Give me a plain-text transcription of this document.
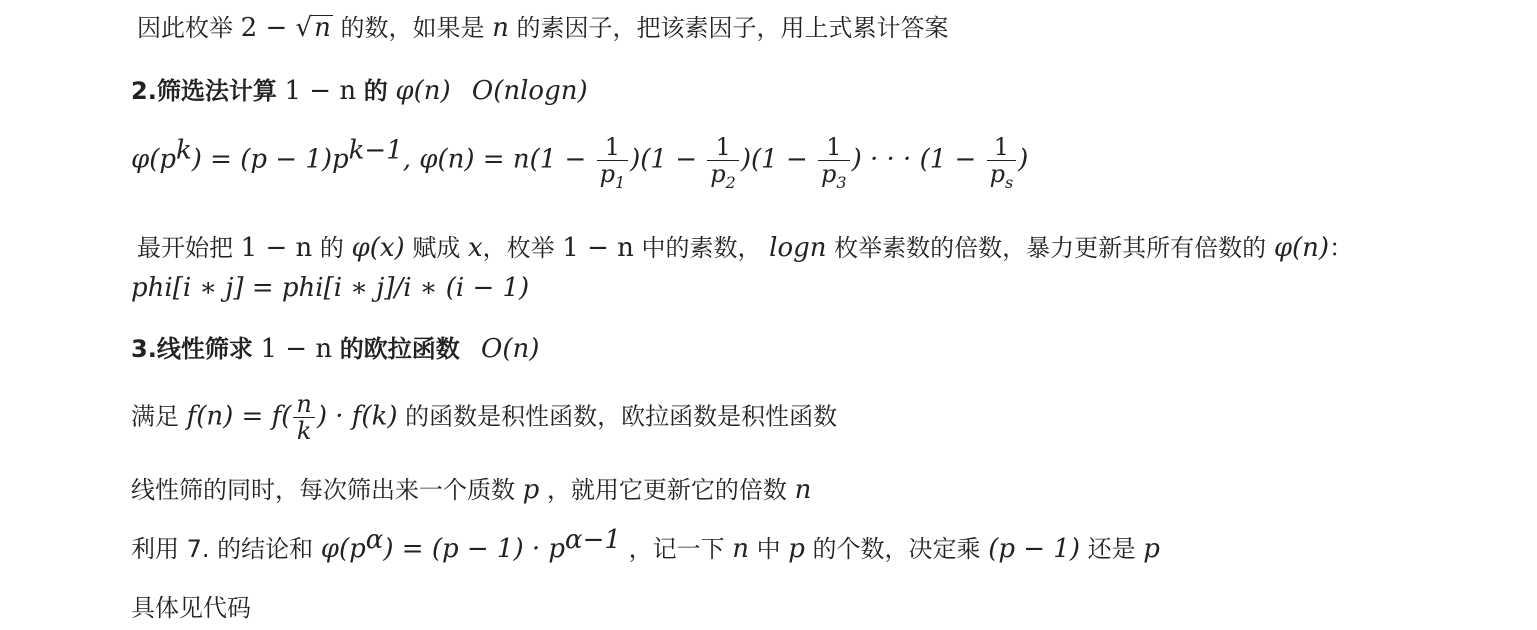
因此枚举 2 − √n 的数，如果是 n 的素因子，把该素因子，用上式累计答案
2.筛选法计算 1 − n 的 φ(n) O(nlogn)
$\varphi(p^k) = (p - 1)p^{k-1}$, $\varphi(n) = n(1 - \frac{1}{p_1} )(1 - \frac{1}{p_2} )(1 - \frac{1}{p_3}$ ) · · · ($1 - \frac{1}{p_s}$ )
最开始把 1 − n 的 φ(x) 赋成 x，枚举 1 − n 中的素数， logn 枚举素数的倍数，暴力更新其所有倍数的 φ(n)：
phi[i ∗ j] = phi[i ∗ j]/i ∗ (i − 1)
3.线性筛求 1 − n 的欧拉函数 O(n)
满足 $f(n) = f( \frac{n}{k}$ ) · f(k) 的函数是积性函数，欧拉函数是积性函数
线性筛的同时，每次筛出来一个质数 p ，就用它更新它的倍数 n
利用 7. 的结论和 $\varphi(p^\alpha) = (p - 1) \cdot p^{\alpha-1}$ ，记一下 n 中 p 的个数，决定乘 (p − 1) 还是 p
具体见代码
